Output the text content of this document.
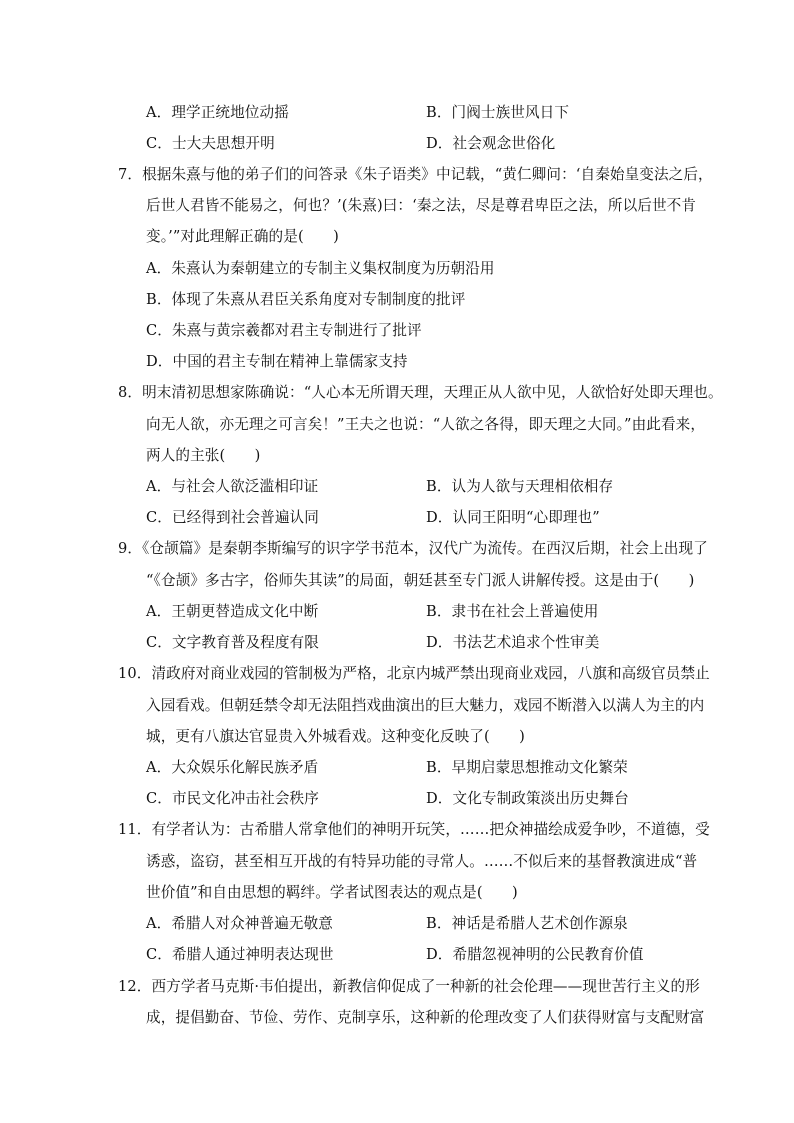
A．理学正统地位动摇	B．门阀士族世风日下
C．士大夫思想开明	D．社会观念世俗化
7．根据朱熹与他的弟子们的问答录《朱子语类》中记载，“黄仁卿问：‘自秦始皇变法之后，
后世人君皆不能易之，何也？’(朱熹)曰：‘秦之法，尽是尊君卑臣之法，所以后世不肯
变。’”对此理解正确的是(　　)
A．朱熹认为秦朝建立的专制主义集权制度为历朝沿用
B．体现了朱熹从君臣关系角度对专制制度的批评
C．朱熹与黄宗羲都对君主专制进行了批评
D．中国的君主专制在精神上靠儒家支持
8．明末清初思想家陈确说：“人心本无所谓天理，天理正从人欲中见，人欲恰好处即天理也。
向无人欲，亦无理之可言矣！”王夫之也说：“人欲之各得，即天理之大同。”由此看来，
两人的主张(　　)
A．与社会人欲泛滥相印证	B．认为人欲与天理相依相存
C．已经得到社会普遍认同	D．认同王阳明“心即理也”
9．《仓颉篇》是秦朝李斯编写的识字学书范本，汉代广为流传。在西汉后期，社会上出现了
“《仓颉》多古字，俗师失其读”的局面，朝廷甚至专门派人讲解传授。这是由于(　　)
A．王朝更替造成文化中断	B．隶书在社会上普遍使用
C．文字教育普及程度有限	D．书法艺术追求个性审美
10．清政府对商业戏园的管制极为严格，北京内城严禁出现商业戏园，八旗和高级官员禁止
入园看戏。但朝廷禁令却无法阻挡戏曲演出的巨大魅力，戏园不断潜入以满人为主的内
城，更有八旗达官显贵入外城看戏。这种变化反映了(　　)
A．大众娱乐化解民族矛盾	B．早期启蒙思想推动文化繁荣
C．市民文化冲击社会秩序	D．文化专制政策淡出历史舞台
11．有学者认为：古希腊人常拿他们的神明开玩笑，……把众神描绘成爱争吵，不道德，受
诱惑，盗窃，甚至相互开战的有特异功能的寻常人。……不似后来的基督教演进成“普
世价值”和自由思想的羁绊。学者试图表达的观点是(　　)
A．希腊人对众神普遍无敬意	B．神话是希腊人艺术创作源泉
C．希腊人通过神明表达现世	D．希腊忽视神明的公民教育价值
12．西方学者马克斯·韦伯提出，新教信仰促成了一种新的社会伦理——现世苦行主义的形
成，提倡勤奋、节俭、劳作、克制享乐，这种新的伦理改变了人们获得财富与支配财富
